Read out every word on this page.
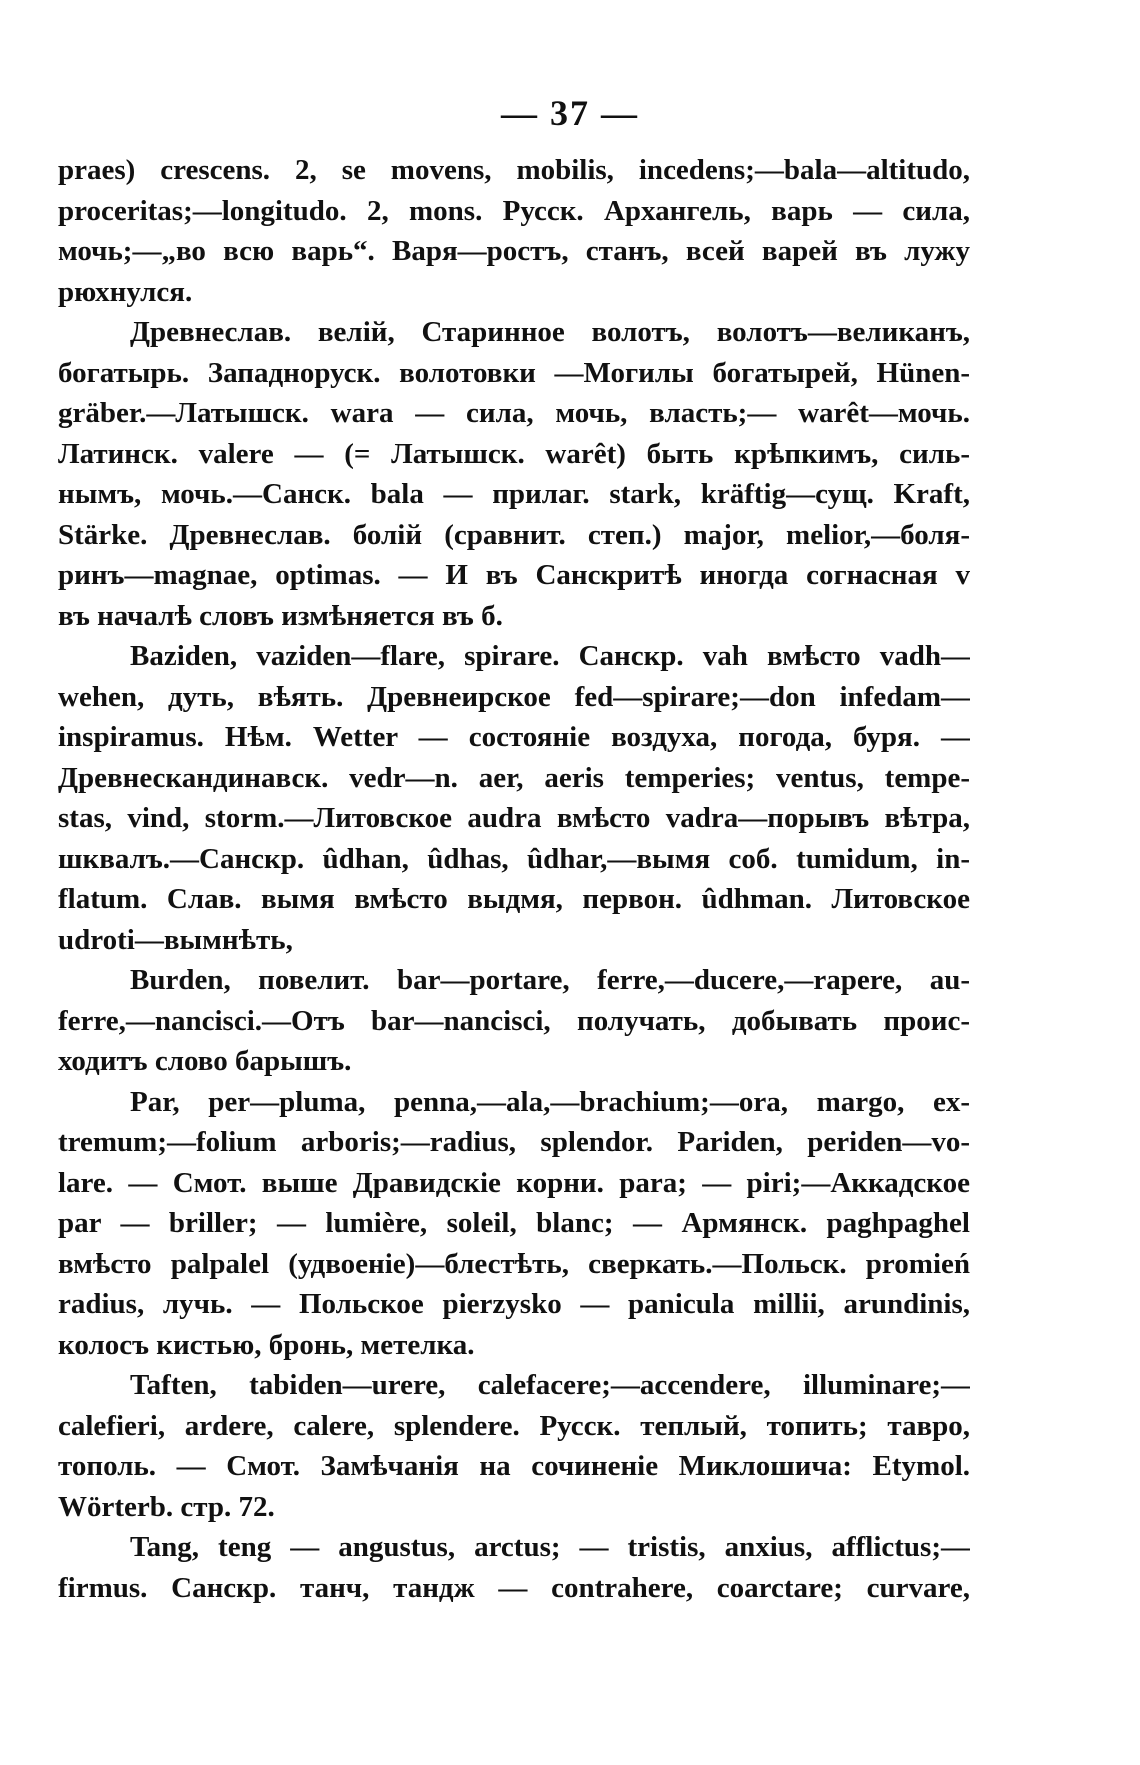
— 37 —
praes) crescens. 2, se movens, mobilis, incedens;—bala—altitudo,
proceritas;—longitudo. 2, mons. Русск. Архангель, варь — сила,
мочь;—„во всю варь“. Варя—ростъ, станъ, всей варей въ лужу
рюхнулся.
Древнеслав. велій, Старинное волотъ, волотъ—великанъ,
богатырь. Западноруск. волотовки —Могилы богатырей, Hünen-
gräber.—Латышск. wara — сила, мочь, власть;— warêt—мочь.
Латинск. valere — (= Латышск. warêt) быть крѣпкимъ, силь-
нымъ, мочь.—Санск. bala — прилаг. stark, kräftig—сущ. Kraft,
Stärke. Древнеслав. болій (сравнит. степ.) major, melior,—боля-
ринъ—magnae, optimas. — И въ Санскритѣ иногда согнасная v
въ началѣ словъ измѣняется въ б.
Baziden, vaziden—flare, spirare. Санскр. vah вмѣсто vadh—
wehen, дуть, вѣять. Древнеирское fed—spirare;—don infedam—
inspiramus. Нѣм. Wetter — состояніе воздуха, погода, буря. —
Древнескандинавск. vedr—n. aer, aeris temperies; ventus, tempe-
stas, vind, storm.—Литовское audra вмѣсто vadra—порывъ вѣтра,
шквалъ.—Санскр. ûdhan, ûdhas, ûdhar,—вымя соб. tumidum, in-
flatum. Слав. вымя вмѣсто выдмя, первон. ûdhman. Литовское
udroti—вымнѣть,
Burden, повелит. bar—portare, ferre,—ducere,—rapere, au-
ferre,—nancisci.—Отъ bar—nancisci, получать, добывать проис-
ходитъ слово барышъ.
Par, per—pluma, penna,—ala,—brachium;—ora, margo, ex-
tremum;—folium arboris;—radius, splendor. Pariden, periden—vo-
lare. — Смот. выше Дравидскіе корни. para; — piri;—Аккадское
par — briller; — lumière, soleil, blanc; — Армянск. paghpaghel
вмѣсто palpalel (удвоеніе)—блестѣть, сверкать.—Польск. promień
radius, лучь. — Польское pierzysko — panicula millii, arundinis,
колосъ кистью, бронь, метелка.
Taften, tabiden—urere, calefacere;—accendere, illuminare;—
calefieri, ardere, calere, splendere. Русск. теплый, топить; тавро,
тополь. — Смот. Замѣчанія на сочиненіе Миклошича: Etymol.
Wörterb. стр. 72.
Tang, teng — angustus, arctus; — tristis, anxius, afflictus;—
firmus. Санскр. танч, тандж — contrahere, coarctare; curvare,
